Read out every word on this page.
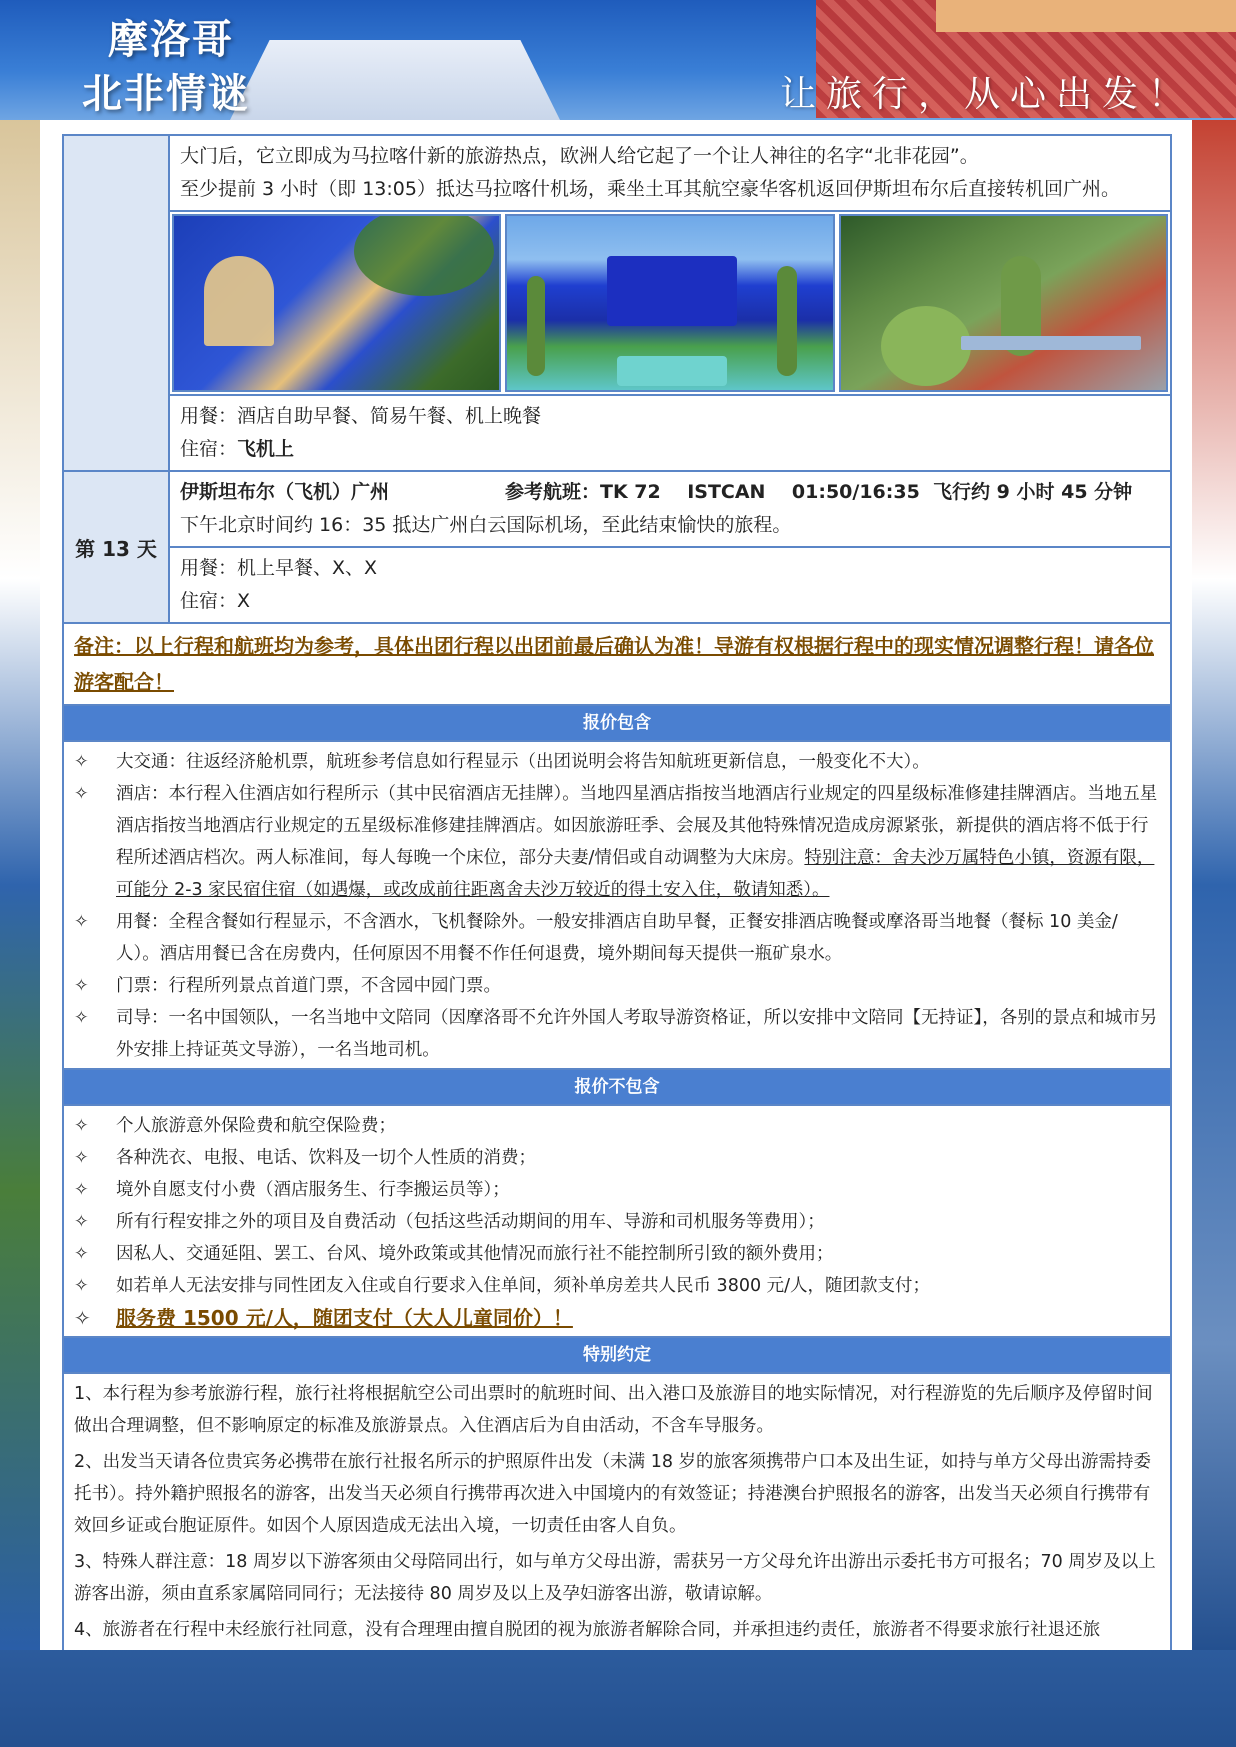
摩洛哥
北非情谜	让旅行，从心出发！
大门后，它立即成为马拉喀什新的旅游热点，欧洲人给它起了一个让人神往的名字“北非花园”。
至少提前 3 小时（即 13:05）抵达马拉喀什机场，乘坐土耳其航空豪华客机返回伊斯坦布尔后直接转机回广州。
用餐：酒店自助早餐、简易午餐、机上晚餐
住宿：飞机上
第 13 天
伊斯坦布尔（飞机）广州	参考航班：TK 72    ISTCAN    01:50/16:35  飞行约 9 小时 45 分钟
下午北京时间约 16：35 抵达广州白云国际机场，至此结束愉快的旅程。
用餐：机上早餐、X、X
住宿：X
备注：以上行程和航班均为参考，具体出团行程以出团前最后确认为准！导游有权根据行程中的现实情况调整行程！请各位游客配合！
报价包含
✧	大交通：往返经济舱机票，航班参考信息如行程显示（出团说明会将告知航班更新信息，一般变化不大）。
✧	酒店：本行程入住酒店如行程所示（其中民宿酒店无挂牌）。当地四星酒店指按当地酒店行业规定的四星级标准修建挂牌酒店。当地五星酒店指按当地酒店行业规定的五星级标准修建挂牌酒店。如因旅游旺季、会展及其他特殊情况造成房源紧张，新提供的酒店将不低于行程所述酒店档次。两人标准间，每人每晚一个床位，部分夫妻/情侣或自动调整为大床房。特别注意：舍夫沙万属特色小镇，资源有限，可能分 2-3 家民宿住宿（如遇爆，或改成前往距离舍夫沙万较近的得土安入住，敬请知悉）。
✧	用餐：全程含餐如行程显示，不含酒水，飞机餐除外。一般安排酒店自助早餐，正餐安排酒店晚餐或摩洛哥当地餐（餐标 10 美金/人）。酒店用餐已含在房费内，任何原因不用餐不作任何退费，境外期间每天提供一瓶矿泉水。
✧	门票：行程所列景点首道门票，不含园中园门票。
✧	司导：一名中国领队，一名当地中文陪同（因摩洛哥不允许外国人考取导游资格证，所以安排中文陪同【无持证】，各别的景点和城市另外安排上持证英文导游），一名当地司机。
报价不包含
✧	个人旅游意外保险费和航空保险费；
✧	各种洗衣、电报、电话、饮料及一切个人性质的消费；
✧	境外自愿支付小费（酒店服务生、行李搬运员等）；
✧	所有行程安排之外的项目及自费活动（包括这些活动期间的用车、导游和司机服务等费用）；
✧	因私人、交通延阻、罢工、台风、境外政策或其他情况而旅行社不能控制所引致的额外费用；
✧	如若单人无法安排与同性团友入住或自行要求入住单间，须补单房差共人民币 3800 元/人，随团款支付；
✧	服务费 1500 元/人，随团支付（大人儿童同价）！
特别约定
1、本行程为参考旅游行程，旅行社将根据航空公司出票时的航班时间、出入港口及旅游目的地实际情况，对行程游览的先后顺序及停留时间做出合理调整，但不影响原定的标准及旅游景点。入住酒店后为自由活动，不含车导服务。
2、出发当天请各位贵宾务必携带在旅行社报名所示的护照原件出发（未满 18 岁的旅客须携带户口本及出生证，如持与单方父母出游需持委托书）。持外籍护照报名的游客，出发当天必须自行携带再次进入中国境内的有效签证；持港澳台护照报名的游客，出发当天必须自行携带有效回乡证或台胞证原件。如因个人原因造成无法出入境，一切责任由客人自负。
3、特殊人群注意：18 周岁以下游客须由父母陪同出行，如与单方父母出游，需获另一方父母允许出游出示委托书方可报名；70 周岁及以上游客出游，须由直系家属陪同同行；无法接待 80 周岁及以上及孕妇游客出游，敬请谅解。
4、旅游者在行程中未经旅行社同意，没有合理理由擅自脱团的视为旅游者解除合同，并承担违约责任，旅游者不得要求旅行社退还旅
